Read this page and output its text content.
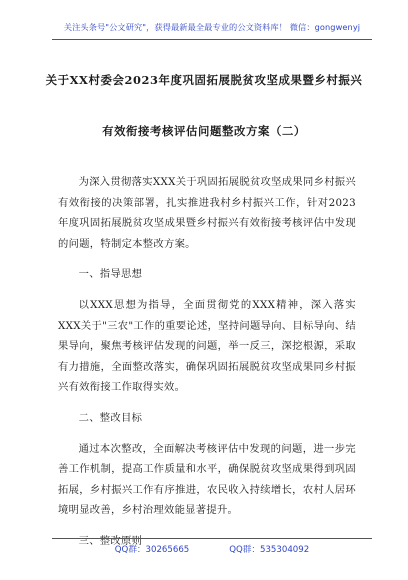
关注头条号"公文研究"，获得最新最全最专业的公文资料库！ 微信：gongwenyj
关于XX村委会2023年度巩固拓展脱贫攻坚成果暨乡村振兴
有效衔接考核评估问题整改方案（二）

为深入贯彻落实XXX关于巩固拓展脱贫攻坚成果同乡村振兴有效衔接的决策部署，扎实推进我村乡村振兴工作，针对2023年度巩固拓展脱贫攻坚成果暨乡村振兴有效衔接考核评估中发现的问题，特制定本整改方案。

一、指导思想

以XXX思想为指导，全面贯彻党的XXX精神，深入落实XXX关于"三农"工作的重要论述，坚持问题导向、目标导向、结果导向，聚焦考核评估发现的问题，举一反三，深挖根源，采取有力措施，全面整改落实，确保巩固拓展脱贫攻坚成果同乡村振兴有效衔接工作取得实效。

二、整改目标

通过本次整改，全面解决考核评估中发现的问题，进一步完善工作机制，提高工作质量和水平，确保脱贫攻坚成果得到巩固拓展，乡村振兴工作有序推进，农民收入持续增长，农村人居环境明显改善，乡村治理效能显著提升。

三、整改原则

QQ群：30265665	QQ群：535304092
